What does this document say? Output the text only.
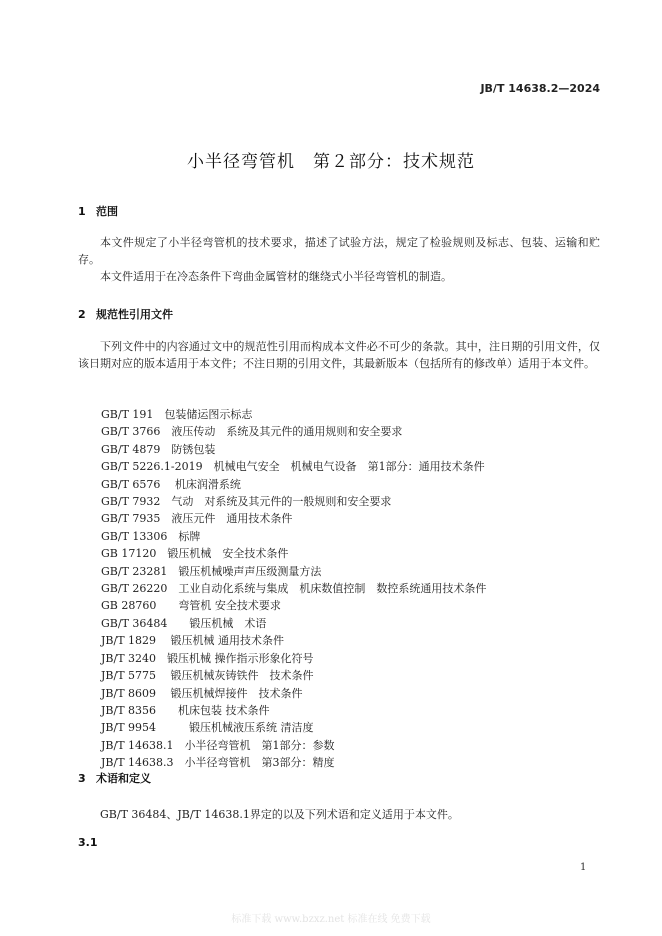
JB/T 14638.2—2024
小半径弯管机　第２部分：技术规范
1 范围
本文件规定了小半径弯管机的技术要求，描述了试验方法，规定了检验规则及标志、包装、运输和贮存。
本文件适用于在冷态条件下弯曲金属管材的继绕式小半径弯管机的制造。
2 规范性引用文件
下列文件中的内容通过文中的规范性引用而构成本文件必不可少的条款。其中，注日期的引用文件，仅该日期对应的版本适用于本文件；不注日期的引用文件，其最新版本（包括所有的修改单）适用于本文件。
GB/T 191　包装储运图示标志
GB/T 3766　液压传动　系统及其元件的通用规则和安全要求
GB/T 4879　防锈包装
GB/T 5226.1-2019　机械电气安全　机械电气设备　第1部分：通用技术条件
GB/T 6576　 机床润滑系统
GB/T 7932　气动　对系统及其元件的一般规则和安全要求
GB/T 7935　液压元件　通用技术条件
GB/T 13306　标牌
GB 17120　锻压机械　安全技术条件
GB/T 23281　锻压机械噪声声压级测量方法
GB/T 26220　工业自动化系统与集成　机床数值控制　数控系统通用技术条件
GB 28760　　弯管机 安全技术要求
GB/T 36484　　锻压机械　术语
JB/T 1829　 锻压机械 通用技术条件
JB/T 3240　锻压机械 操作指示形象化符号
JB/T 5775　 锻压机械灰铸铁件　技术条件
JB/T 8609　 锻压机械焊接件　技术条件
JB/T 8356　　机床包装 技术条件
JB/T 9954　　　锻压机械液压系统 清洁度
JB/T 14638.1　小半径弯管机　第1部分：参数
JB/T 14638.3　小半径弯管机　第3部分：精度
3 术语和定义
GB/T 36484、JB/T 14638.1界定的以及下列术语和定义适用于本文件。
3.1
1
标准下载 www.bzxz.net 标准在线 免费下载
